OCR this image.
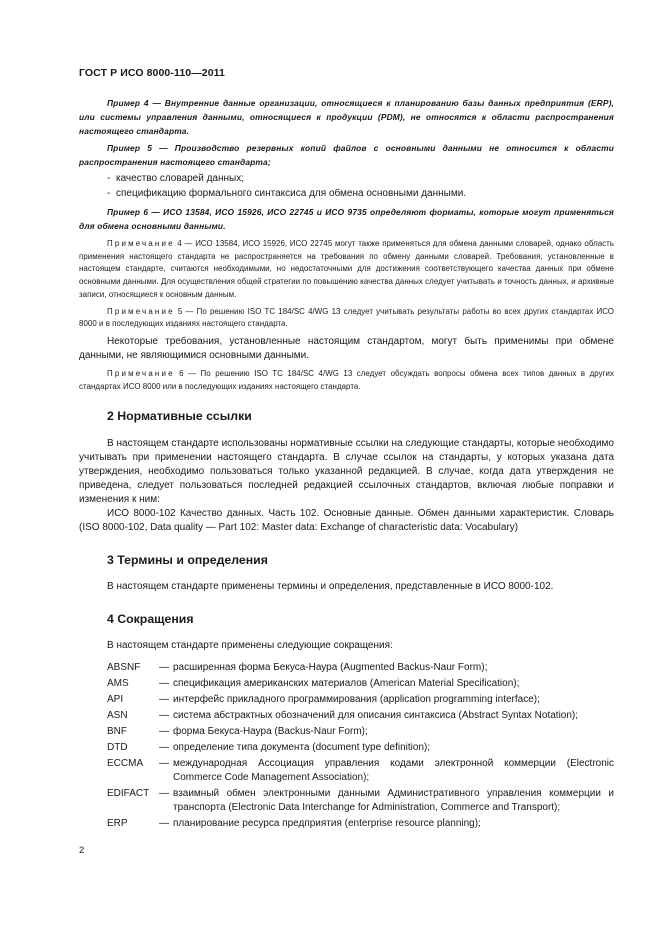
ГОСТ Р ИСО 8000-110—2011

Пример 4 — Внутренние данные организации, относящиеся к планированию базы данных предприятия (ERP), или системы управления данными, относящиеся к продукции (PDM), не относятся к области распространения настоящего стандарта.

Пример 5 — Производство резервных копий файлов с основными данными не относится к области распространения настоящего стандарта;

- качество словарей данных;
- спецификацию формального синтаксиса для обмена основными данными.

Пример 6 — ИСО 13584, ИСО 15926, ИСО 22745 и ИСО 9735 определяют форматы, которые могут применяться для обмена основными данными.

Примечание 4 — ИСО 13584, ИСО 15926, ИСО 22745 могут также применяться для обмена данными словарей, однако область применения настоящего стандарта не распространяется на требования по обмену данными словарей. Требования, установленные в настоящем стандарте, считаются необходимыми, но недостаточными для достижения соответствующего качества данных при обмене основными данными. Для осуществления общей стратегии по повышению качества данных следует учитывать и точность данных, и архивные записи, относящиеся к основным данным.

Примечание 5 — По решению ISO TC 184/SC 4/WG 13 следует учитывать результаты работы во всех других стандартах ИСО 8000 и в последующих изданиях настоящего стандарта.

Некоторые требования, установленные настоящим стандартом, могут быть применимы при обмене данными, не являющимися основными данными.

Примечание 6 — По решению ISO TC 184/SC 4/WG 13 следует обсуждать вопросы обмена всех типов данных в других стандартах ИСО 8000 или в последующих изданиях настоящего стандарта.

2 Нормативные ссылки

В настоящем стандарте использованы нормативные ссылки на следующие стандарты, которые необходимо учитывать при применении настоящего стандарта. В случае ссылок на стандарты, у которых указана дата утверждения, необходимо пользоваться только указанной редакцией. В случае, когда дата утверждения не приведена, следует пользоваться последней редакцией ссылочных стандартов, включая любые поправки и изменения к ним:

ИСО 8000-102 Качество данных. Часть 102. Основные данные. Обмен данными характеристик. Словарь (ISO 8000-102, Data quality — Part 102: Master data: Exchange of characteristic data: Vocabulary)

3 Термины и определения

В настоящем стандарте применены термины и определения, представленные в ИСО 8000-102.

4 Сокращения

В настоящем стандарте применены следующие сокращения:

ABSNF	— расширенная форма Бекуса-Наура (Augmented Backus-Naur Form);
AMS	— спецификация американских материалов (American Material Specification);
API	— интерфейс прикладного программирования (application programming interface);
ASN	— система абстрактных обозначений для описания синтаксиса (Abstract Syntax Notation);
BNF	— форма Бекуса-Наура (Backus-Naur Form);
DTD	— определение типа документа (document type definition);
ECCMA	— международная Ассоциация управления кодами электронной коммерции (Electronic Commerce Code Management Association);
EDIFACT — взаимный обмен электронными данными Административного управления коммерции и транспорта (Electronic Data Interchange for Administration, Commerce and Transport);
ERP	— планирование ресурса предприятия (enterprise resource planning);
2
